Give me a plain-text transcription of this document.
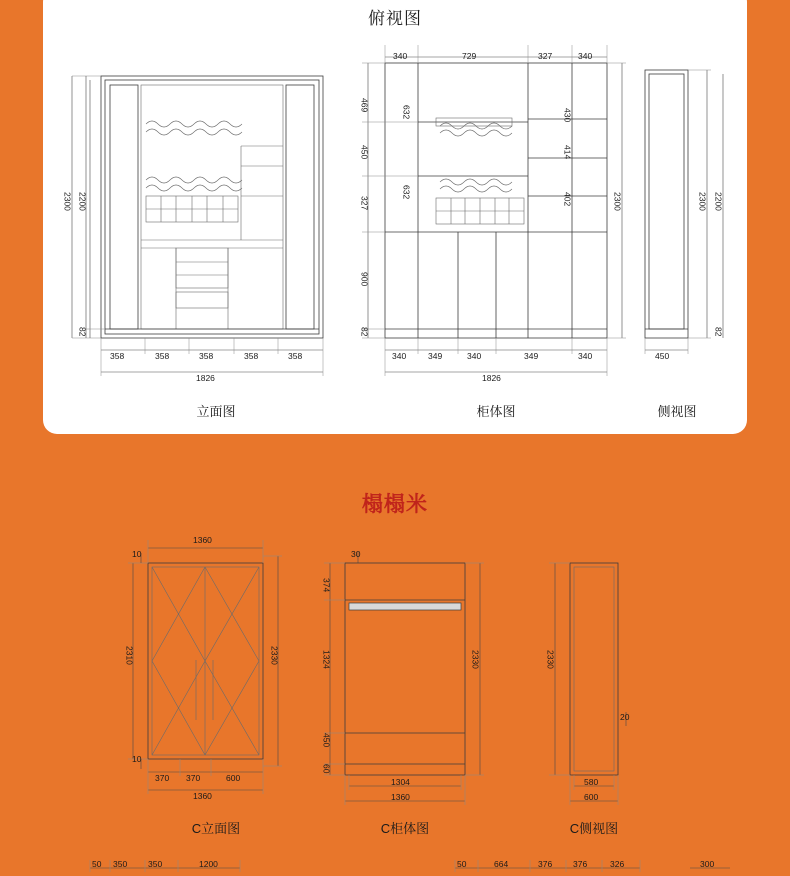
俯视图
2300 2200
82
358	358	358	358	358
1826
340	729	327	340
469
450
327
900
82
632
632
430
414
402	2300
340	349	340	349	340
1826
2300 2200
82
450
立面图	柜体图	侧视图
榻榻米
1360
10
10
2310	2330
370 370	600
1360
30
374
1324
450
60
2330
1304
1360
2330
20
580
600
C立面图	C柜体图	C侧视图
50 350 350	1200	50	664	376 376	326	300
